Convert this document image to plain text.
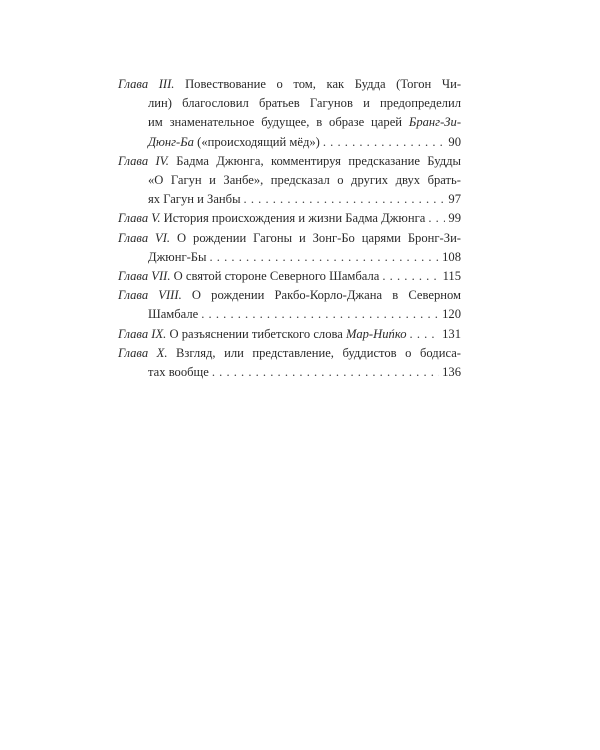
Глава III. Повествование о том, как Будда (Тогон Чи-
лин) благословил братьев Гагунов и предопределил
им знаменательное будущее, в образе царей Бранг-Зи-
Дюнг-Ба
(«происходящий мёд») . . .	90
Глава IV. Бадма Джюнга, комментируя предсказание Будды
«О Гагун и Занбе», предсказал о других двух брать-
ях Гагун и Занбы . . .	97
Глава V.
История происхождения и жизни Бадма Джюнга . . . 99
Глава VI. О рождении Гагоны и Зонг-Бо царями Бронг-Зи-
Джюнг-Бы . . .	108
Глава VII.
О святой стороне Северного Шамбала . . .	115
Глава VIII. О рождении Ракбо-Корло-Джана в Северном
Шамбале . . .	120
Глава IX.
О разъяснении тибетского слова
Мар-Ниńко . . .	131
Глава X. Взгляд, или представление, буддистов о бодиса-
тах вообще . . .	136
